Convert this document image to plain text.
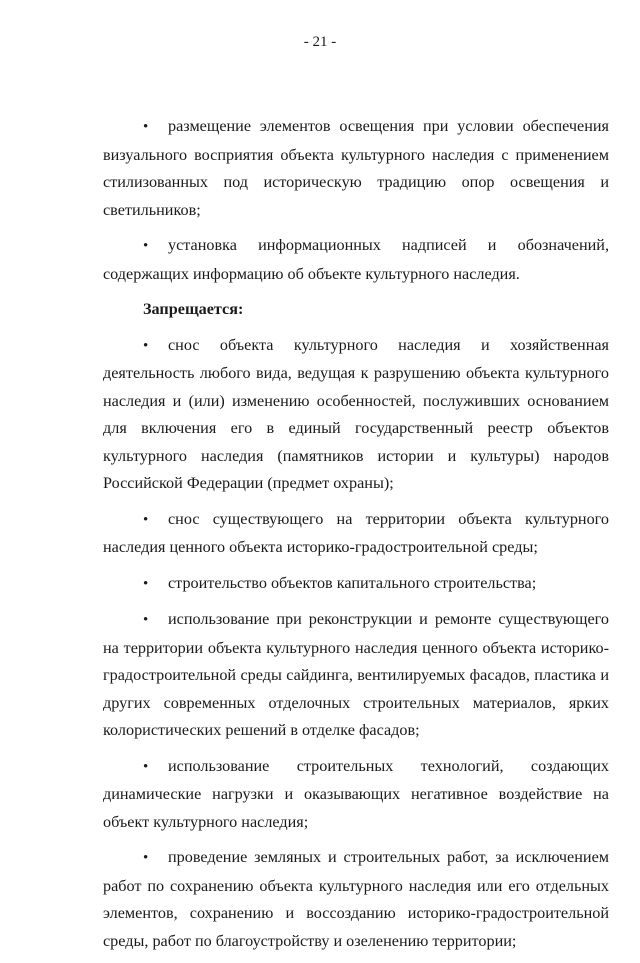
- 21 -

• размещение элементов освещения при условии обеспечения визуального восприятия объекта культурного наследия с применением стилизованных под историческую традицию опор освещения и светильников;

• установка информационных надписей и обозначений, содержащих информацию об объекте культурного наследия.

Запрещается:

• снос объекта культурного наследия и хозяйственная деятельность любого вида, ведущая к разрушению объекта культурного наследия и (или) изменению особенностей, послуживших основанием для включения его в единый государственный реестр объектов культурного наследия (памятников истории и культуры) народов Российской Федерации (предмет охраны);

• снос существующего на территории объекта культурного наследия ценного объекта историко-градостроительной среды;

• строительство объектов капитального строительства;

• использование при реконструкции и ремонте существующего на территории объекта культурного наследия ценного объекта историко-градостроительной среды сайдинга, вентилируемых фасадов, пластика и других современных отделочных строительных материалов, ярких колористических решений в отделке фасадов;

• использование строительных технологий, создающих динамические нагрузки и оказывающих негативное воздействие на объект культурного наследия;

• проведение земляных и строительных работ, за исключением работ по сохранению объекта культурного наследия или его отдельных элементов, сохранению и воссозданию историко-градостроительной среды, работ по благоустройству и озеленению территории;
